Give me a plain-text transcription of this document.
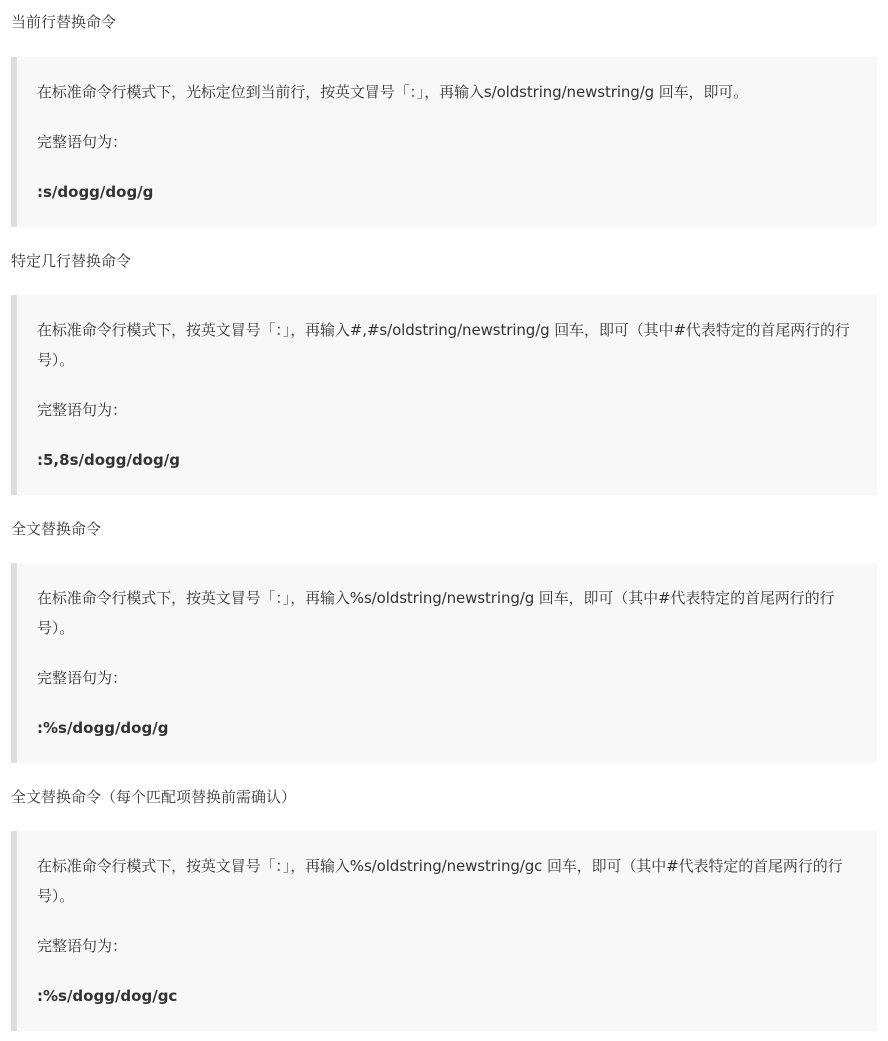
当前行替换命令

在标准命令行模式下，光标定位到当前行，按英文冒号「：」，再输入s/oldstring/newstring/g 回车，即可。

完整语句为：

:s/dogg/dog/g

特定几行替换命令

在标准命令行模式下，按英文冒号「：」，再输入#,#s/oldstring/newstring/g 回车，即可（其中#代表特定的首尾两行的行号）。

完整语句为：

:5,8s/dogg/dog/g

全文替换命令

在标准命令行模式下，按英文冒号「：」，再输入%s/oldstring/newstring/g 回车，即可（其中#代表特定的首尾两行的行号）。

完整语句为：

:%s/dogg/dog/g

全文替换命令（每个匹配项替换前需确认）

在标准命令行模式下，按英文冒号「：」，再输入%s/oldstring/newstring/gc 回车，即可（其中#代表特定的首尾两行的行号）。

完整语句为：

:%s/dogg/dog/gc
